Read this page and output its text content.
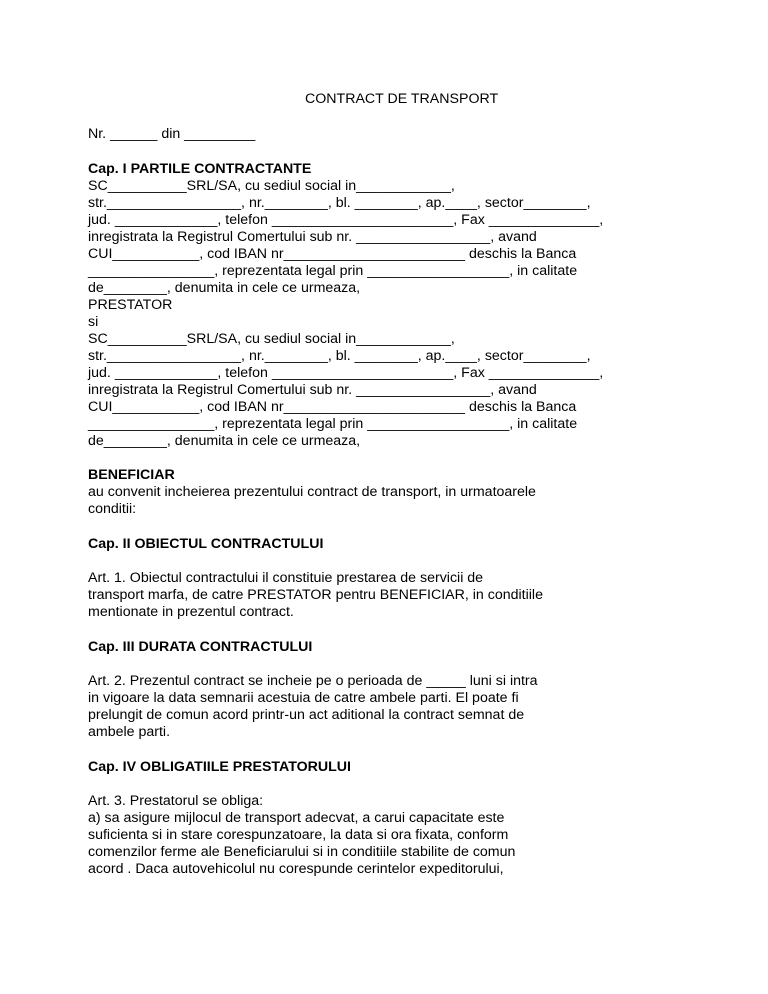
CONTRACT DE TRANSPORT
Nr. ______ din _________
Cap. I PARTILE CONTRACTANTE
SC__________SRL/SA, cu sediul social in____________,
str._________________, nr.________, bl. ________, ap.____, sector________,
jud. _____________, telefon _______________________, Fax ______________,
inregistrata la Registrul Comertului sub nr. _________________, avand
CUI___________, cod IBAN nr_______________________ deschis la Banca
________________, reprezentata legal prin __________________, in calitate
de________, denumita in cele ce urmeaza,
PRESTATOR
si
SC__________SRL/SA, cu sediul social in____________,
str._________________, nr.________, bl. ________, ap.____, sector________,
jud. _____________, telefon _______________________, Fax ______________,
inregistrata la Registrul Comertului sub nr. _________________, avand
CUI___________, cod IBAN nr_______________________ deschis la Banca
________________, reprezentata legal prin __________________, in calitate
de________, denumita in cele ce urmeaza,
BENEFICIAR
au convenit incheierea prezentului contract de transport, in urmatoarele
conditii:
Cap. II OBIECTUL CONTRACTULUI
Art. 1. Obiectul contractului il constituie prestarea de servicii de
transport marfa, de catre PRESTATOR pentru BENEFICIAR, in conditiile
mentionate in prezentul contract.
Cap. III DURATA CONTRACTULUI
Art. 2. Prezentul contract se incheie pe o perioada de _____ luni si intra
in vigoare la data semnarii acestuia de catre ambele parti. El poate fi
prelungit de comun acord printr-un act aditional la contract semnat de
ambele parti.
Cap. IV OBLIGATIILE PRESTATORULUI
Art. 3. Prestatorul se obliga:
a) sa asigure mijlocul de transport adecvat, a carui capacitate este
suficienta si in stare corespunzatoare, la data si ora fixata, conform
comenzilor ferme ale Beneficiarului si in conditiile stabilite de comun
acord . Daca autovehicolul nu corespunde cerintelor expeditorului,
